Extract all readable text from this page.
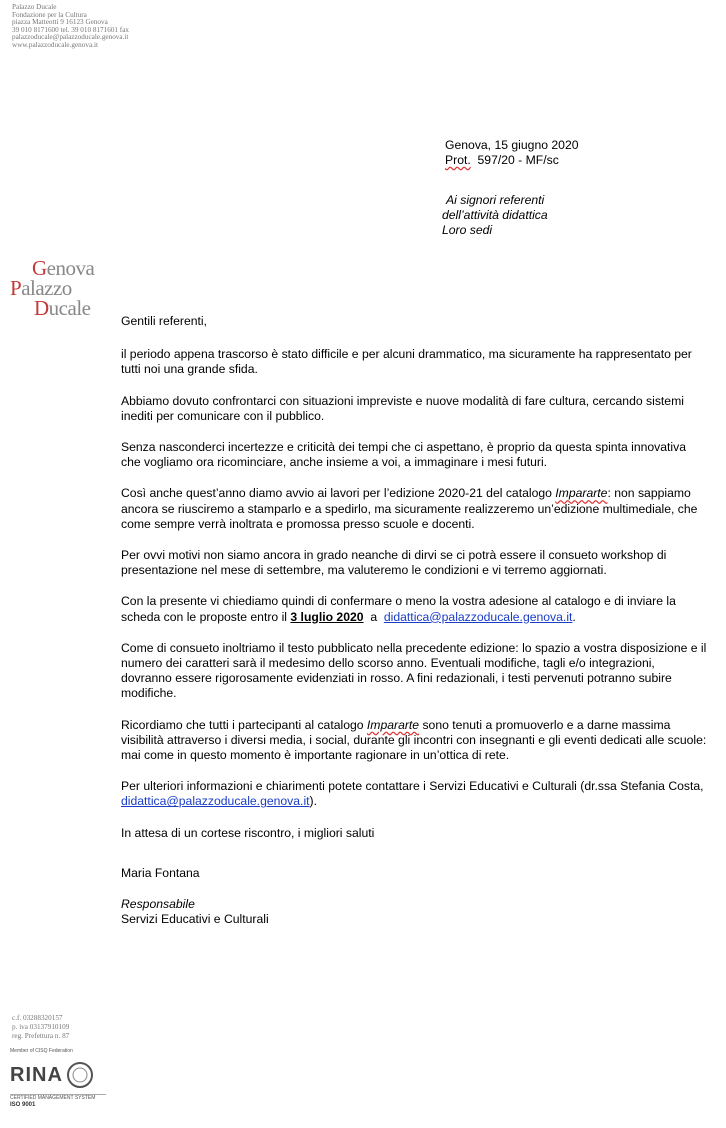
Palazzo Ducale
Fondazione per la Cultura
piazza Matteotti 9 16123 Genova
39 010 8171600 tel. 39 010 8171601 fax
palazzoducale@palazzoducale.genova.it
www.palazzoducale.genova.it
Genova
Palazzo
Ducale
Genova, 15 giugno 2020
Prot.  597/20 - MF/sc
Ai signori referenti
dell’attività didattica
Loro sedi

Gentili referenti,

il periodo appena trascorso è stato difficile e per alcuni drammatico, ma sicuramente ha rappresentato per tutti noi una grande sfida.

Abbiamo dovuto confrontarci con situazioni impreviste e nuove modalità di fare cultura, cercando sistemi inediti per comunicare con il pubblico.

Senza nasconderci incertezze e criticità dei tempi che ci aspettano, è proprio da questa spinta innovativa che vogliamo ora ricominciare, anche insieme a voi, a immaginare i mesi futuri.

Così anche quest’anno diamo avvio ai lavori per l’edizione 2020-21 del catalogo Impararte: non sappiamo ancora se riusciremo a stamparlo e a spedirlo, ma sicuramente realizzeremo un’edizione multimediale, che come sempre verrà inoltrata e promossa presso scuole e docenti.

Per ovvi motivi non siamo ancora in grado neanche di dirvi se ci potrà essere il consueto workshop di presentazione nel mese di settembre, ma valuteremo le condizioni e vi terremo aggiornati.

Con la presente vi chiediamo quindi di confermare o meno la vostra adesione al catalogo e di inviare la scheda con le proposte entro il 3 luglio 2020  a  didattica@palazzoducale.genova.it.

Come di consueto inoltriamo il testo pubblicato nella precedente edizione: lo spazio a vostra disposizione e il numero dei caratteri sarà il medesimo dello scorso anno. Eventuali modifiche, tagli e/o integrazioni, dovranno essere rigorosamente evidenziati in rosso. A fini redazionali, i testi pervenuti potranno subire modifiche.

Ricordiamo che tutti i partecipanti al catalogo Impararte sono tenuti a promuoverlo e a darne massima visibilità attraverso i diversi media, i social, durante gli incontri con insegnanti e gli eventi dedicati alle scuole: mai come in questo momento è importante ragionare in un’ottica di rete.

Per ulteriori informazioni e chiarimenti potete contattare i Servizi Educativi e Culturali (dr.ssa Stefania Costa, didattica@palazzoducale.genova.it).

In attesa di un cortese riscontro, i migliori saluti

Maria Fontana
Responsabile
Servizi Educativi e Culturali
c.f. 03288320157
p. iva 03137910109
reg. Prefettura n. 87
Member of CISQ Federation
RINA
CERTIFIED MANAGEMENT SYSTEM
ISO 9001
